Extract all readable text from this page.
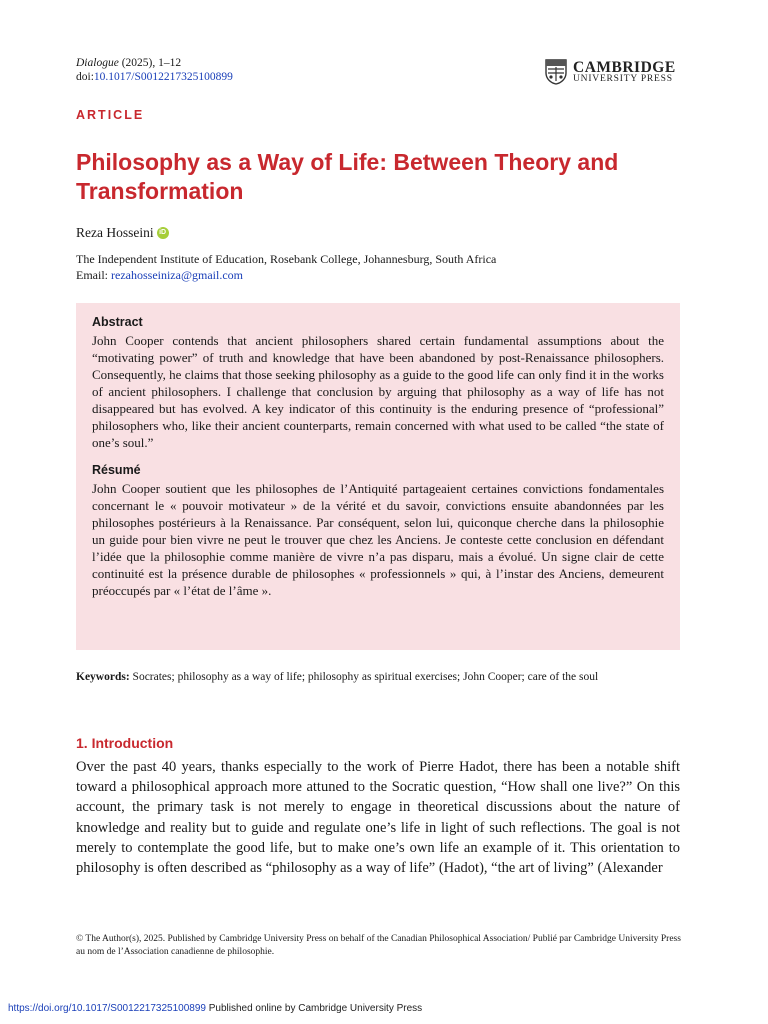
Dialogue (2025), 1–12
doi:10.1017/S0012217325100899
CAMBRIDGE
UNIVERSITY PRESS
ARTICLE
Philosophy as a Way of Life: Between Theory and Transformation
Reza Hosseini iD
The Independent Institute of Education, Rosebank College, Johannesburg, South Africa
Email: rezahosseiniza@gmail.com
Abstract

John Cooper contends that ancient philosophers shared certain fundamental assumptions about the “motivating power” of truth and knowledge that have been abandoned by post-Renaissance philosophers. Consequently, he claims that those seeking philosophy as a guide to the good life can only find it in the works of ancient philosophers. I challenge that conclusion by arguing that philosophy as a way of life has not disappeared but has evolved. A key indicator of this continuity is the enduring presence of “professional” philosophers who, like their ancient counterparts, remain concerned with what used to be called “the state of one’s soul.”

Résumé

John Cooper soutient que les philosophes de l’Antiquité partageaient certaines convictions fondamentales concernant le « pouvoir motivateur » de la vérité et du savoir, convictions ensuite abandonnées par les philosophes postérieurs à la Renaissance. Par conséquent, selon lui, quiconque cherche dans la philosophie un guide pour bien vivre ne peut le trouver que chez les Anciens. Je conteste cette conclusion en défendant l’idée que la philosophie comme manière de vivre n’a pas disparu, mais a évolué. Un signe clair de cette continuité est la présence durable de philosophes « professionnels » qui, à l’instar des Anciens, demeurent préoccupés par « l’état de l’âme ».

Keywords: Socrates; philosophy as a way of life; philosophy as spiritual exercises; John Cooper; care of the soul
1. Introduction

Over the past 40 years, thanks especially to the work of Pierre Hadot, there has been a notable shift toward a philosophical approach more attuned to the Socratic question, “How shall one live?” On this account, the primary task is not merely to engage in theoretical discussions about the nature of knowledge and reality but to guide and regulate one’s life in light of such reflections. The goal is not merely to contemplate the good life, but to make one’s own life an example of it. This orientation to philosophy is often described as “philosophy as a way of life” (Hadot), “the art of living” (Alexander

© The Author(s), 2025. Published by Cambridge University Press on behalf of the Canadian Philosophical Association/ Publié par Cambridge University Press au nom de l’Association canadienne de philosophie.
https://doi.org/10.1017/S0012217325100899 Published online by Cambridge University Press
